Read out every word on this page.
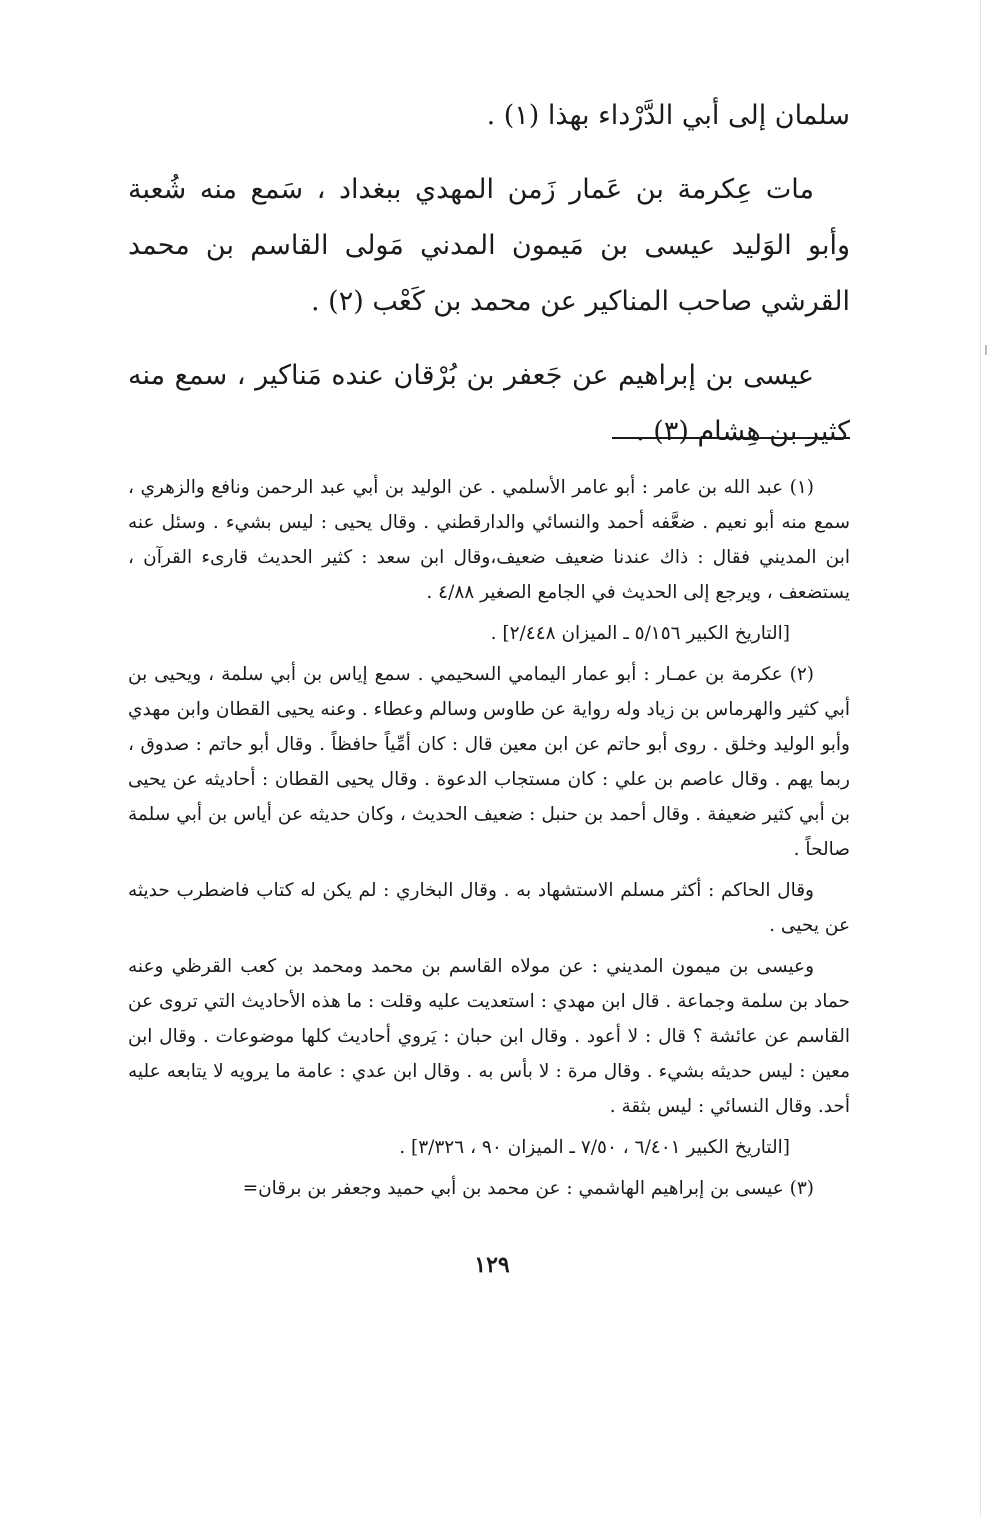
سلمان إلى أبي الدَّرْداء بهذا (١) .

مات عِكرمة بن عَمار زَمن المهدي ببغداد ، سَمع منه شُعبة وأبو الوَليد عيسى بن مَيمون المدني مَولى القاسم بن محمد القرشي صاحب المناكير عن محمد بن كَعْب (٢) .

عيسى بن إبراهيم عن جَعفر بن بُرْقان عنده مَناكير ، سمع منه كثير بن هِشام (٣) .

(١) عبد الله بن عامر : أبو عامر الأسلمي . عن الوليد بن أبي عبد الرحمن ونافع والزهري ، سمع منه أبو نعيم . ضعَّفه أحمد والنسائي والدارقطني . وقال يحيى : ليس بشيء . وسئل عنه ابن المديني فقال : ذاك عندنا ضعيف ضعيف،وقال ابن سعد : كثير الحديث قارىء القرآن ، يستضعف ، ويرجع إلى الحديث في الجامع الصغير ٤/٨٨ .

[التاريخ الكبير ٥/١٥٦ ـ الميزان ٢/٤٤٨] .

(٢) عكرمة بن عمـار : أبو عمار اليمامي السحيمي . سمع إياس بن أبي سلمة ، ويحيى بن أبي كثير والهرماس بن زياد وله رواية عن طاوس وسالم وعطاء . وعنه يحيى القطان وابن مهدي وأبو الوليد وخلق . روى أبو حاتم عن ابن معين قال : كان أمِّياً حافظاً . وقال أبو حاتم : صدوق ، ربما يهم . وقال عاصم بن علي : كان مستجاب الدعوة . وقال يحيى القطان : أحاديثه عن يحيى بن أبي كثير ضعيفة . وقال أحمد بن حنبل : ضعيف الحديث ، وكان حديثه عن أياس بن أبي سلمة صالحاً .

وقال الحاكم : أكثر مسلم الاستشهاد به . وقال البخاري : لم يكن له كتاب فاضطرب حديثه عن يحيى .

وعيسى بن ميمون المديني : عن مولاه القاسم بن محمد ومحمد بن كعب القرظي وعنه حماد بن سلمة وجماعة . قال ابن مهدي : استعديت عليه وقلت : ما هذه الأحاديث التي تروى عن القاسم عن عائشة ؟ قال : لا أعود . وقال ابن حبان : يَروي أحاديث كلها موضوعات . وقال ابن معين : ليس حديثه بشيء . وقال مرة : لا بأس به . وقال ابن عدي : عامة ما يرويه لا يتابعه عليه أحد. وقال النسائي : ليس بثقة .

[التاريخ الكبير ٦/٤٠١ ، ٧/٥٠ ـ الميزان ٩٠ ، ٣/٣٢٦] .

(٣) عيسى بن إبراهيم الهاشمي : عن محمد بن أبي حميد وجعفر بن برقان=

١٢٩
